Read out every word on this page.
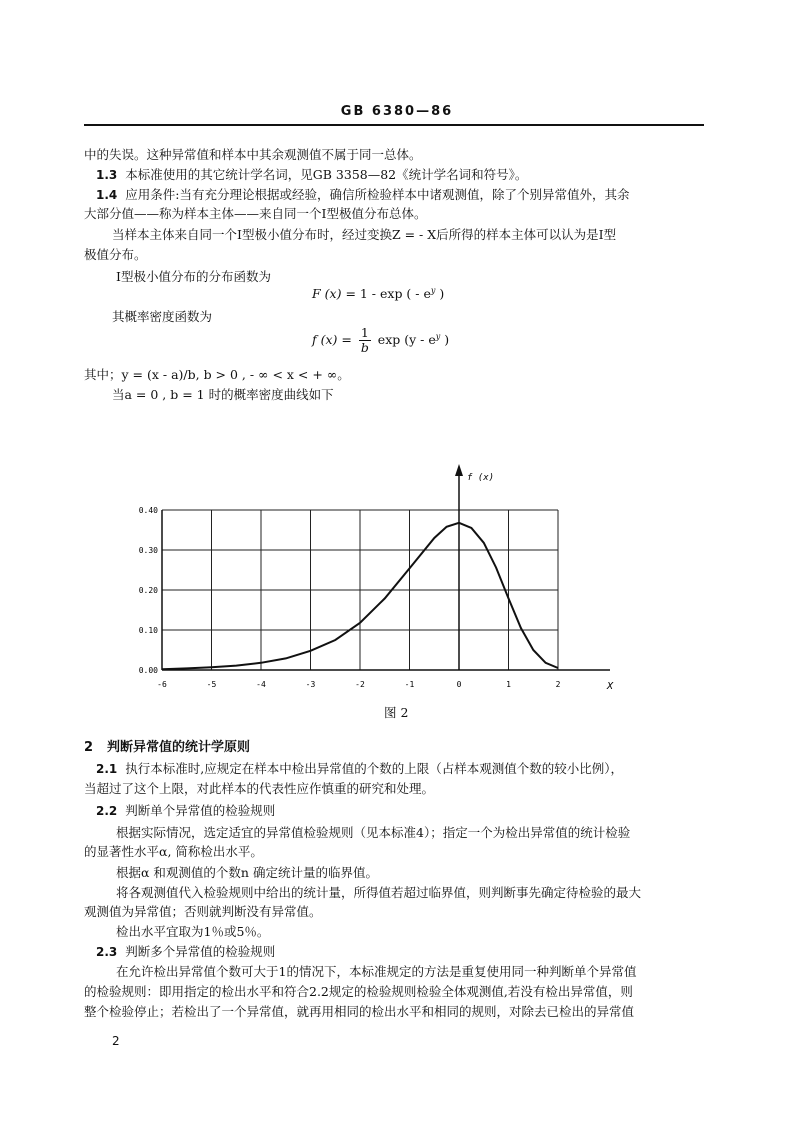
GB 6380—86
中的失误。这种异常值和样本中其余观测值不属于同一总体。
1.3 本标准使用的其它统计学名词，见GB 3358—82《统计学名词和符号》。
1.4 应用条件:当有充分理论根据或经验，确信所检验样本中诸观测值，除了个别异常值外，其余
大部分值——称为样本主体——来自同一个Ⅰ型极值分布总体。
当样本主体来自同一个Ⅰ型极小值分布时，经过变换Z = - X后所得的样本主体可以认为是Ⅰ型
极值分布。
Ⅰ型极小值分布的分布函数为
F (x) = 1 - exp ( - $e^y$ )
其概率密度函数为
f $(x) = \frac{1}{b}$ $\exp (y - e^y$ )
其中；y = (x - a)/b, b > 0 , - ∞ < x < + ∞。
当a = 0 , b = 1 时的概率密度曲线如下
-6	-5	-4	-3	-2	-1	0	1	2
0.00
0.10
0.20
0.30
0.40
f (x)
X
图 2
2 判断异常值的统计学原则
2.1 执行本标准时,应规定在样本中检出异常值的个数的上限（占样本观测值个数的较小比例），
当超过了这个上限，对此样本的代表性应作慎重的研究和处理。
2.2 判断单个异常值的检验规则
根据实际情况，选定适宜的异常值检验规则（见本标准4）；指定一个为检出异常值的统计检验
的显著性水平α, 简称检出水平。
根据α 和观测值的个数n 确定统计量的临界值。
将各观测值代入检验规则中给出的统计量，所得值若超过临界值，则判断事先确定待检验的最大
观测值为异常值；否则就判断没有异常值。
检出水平宜取为1％或5％。
2.3 判断多个异常值的检验规则
在允许检出异常值个数可大于1的情况下，本标准规定的方法是重复使用同一种判断单个异常值
的检验规则：即用指定的检出水平和符合2.2规定的检验规则检验全体观测值,若没有检出异常值，则
整个检验停止；若检出了一个异常值，就再用相同的检出水平和相同的规则，对除去已检出的异常值
2
